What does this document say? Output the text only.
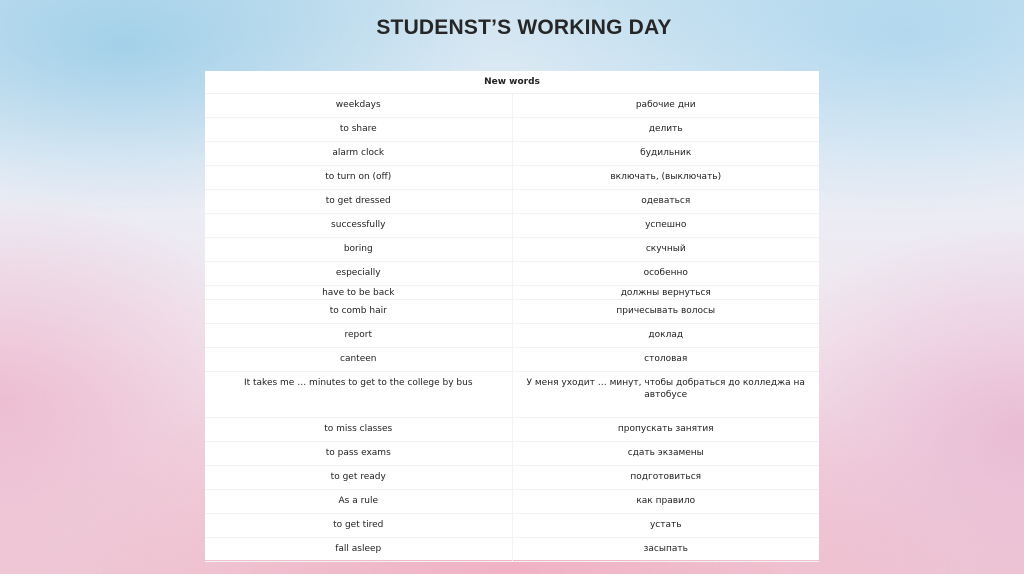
STUDENST’S WORKING DAY
New words	
weekdays	рабочие дни
to share	делить
alarm clock	будильник
to turn on (off)	включать, (выключать)
to get dressed	одеваться
successfully	успешно
boring	скучный
especially	особенно
have to be back	должны вернуться
to comb hair	причесывать волосы
report	доклад
canteen	столовая
It takes me … minutes to get to the college by bus	У меня уходит … минут, чтобы добраться до колледжа на автобусе
to miss classes	пропускать занятия
to pass exams	сдать экзамены
to get ready	подготовиться
As a rule	как правило
to get tired	устать
fall asleep	засыпать
